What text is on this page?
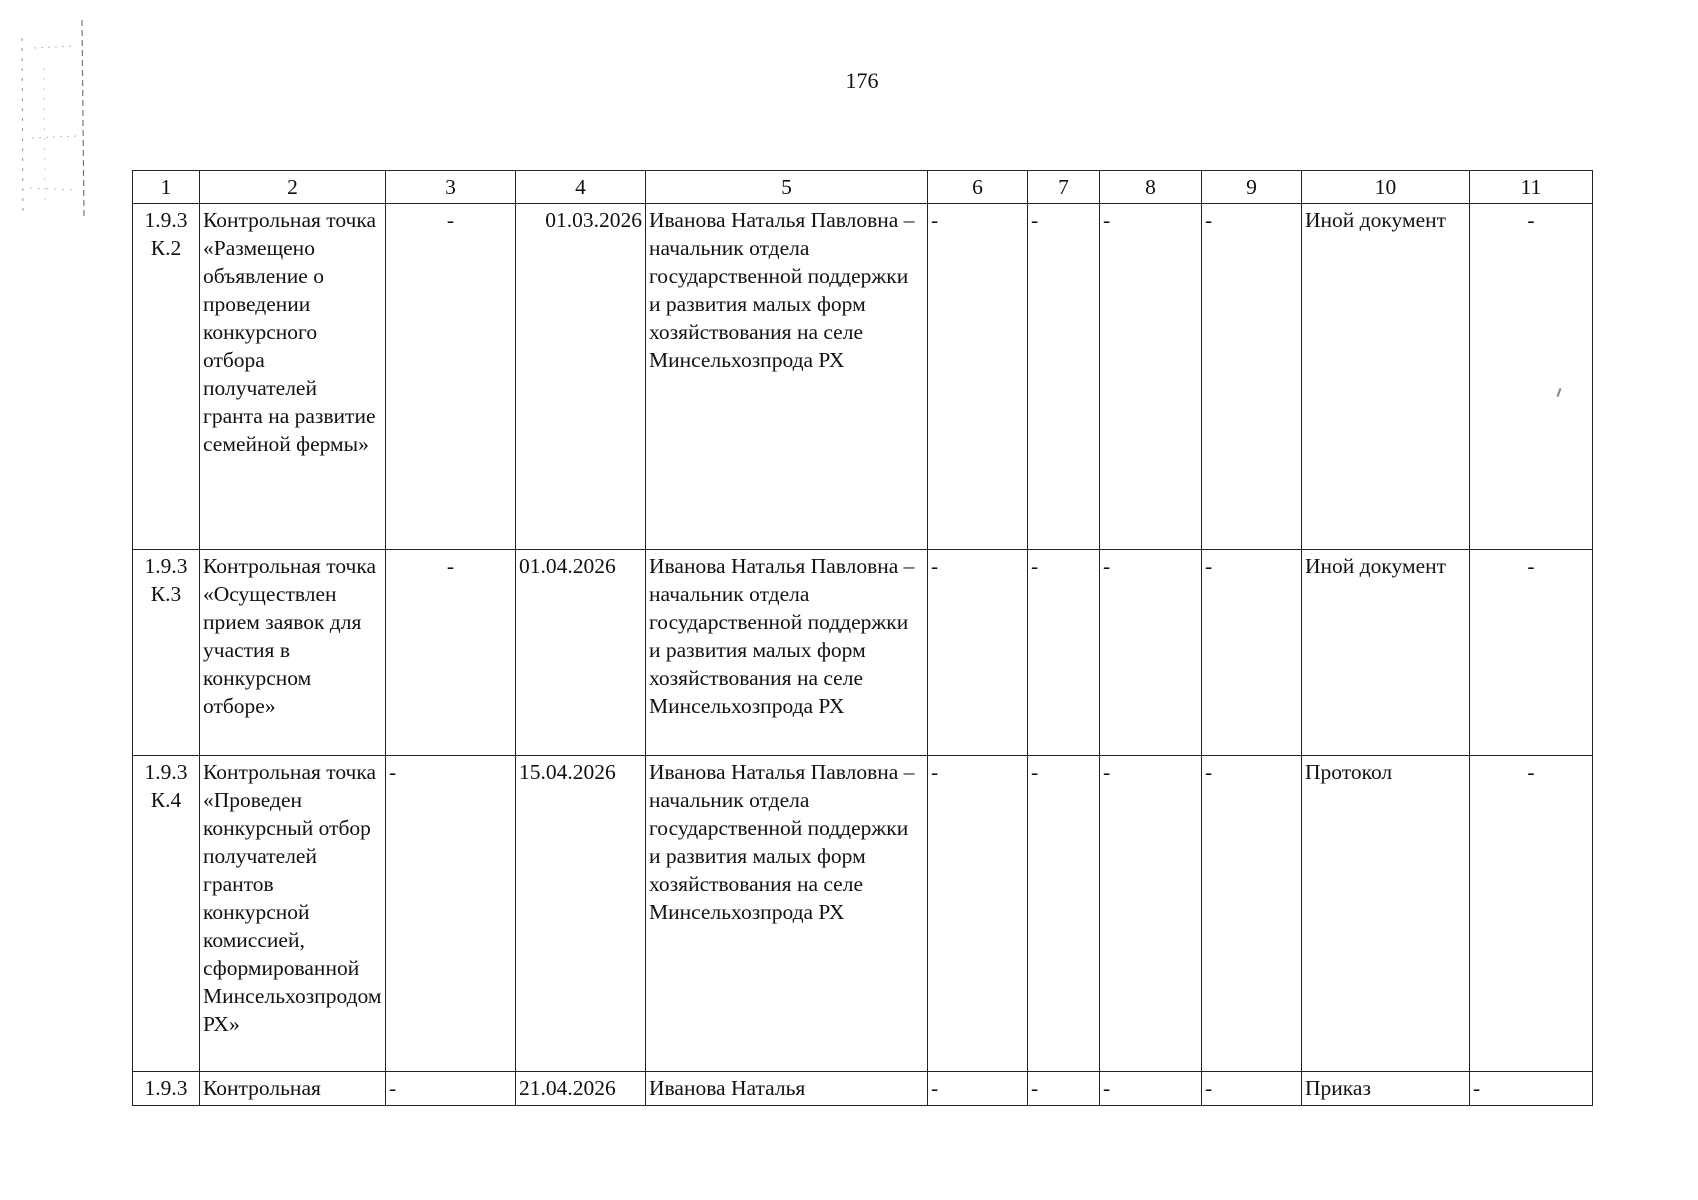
176
1	2	3	4	5	6	7	8	9	10	11
1.9.3 К.2	Контрольная точка «Размещено объявление о проведении конкурсного отбора получателей гранта на развитие семейной фермы»	-	01.03.2026	Иванова Наталья Павловна – начальник отдела государственной поддержки и развития малых форм хозяйствования на селе Минсельхозпрода РХ	-	-	-	-	Иной документ	-
1.9.3 К.3	Контрольная точка «Осуществлен прием заявок для участия в конкурсном отборе»	-	01.04.2026	Иванова Наталья Павловна – начальник отдела государственной поддержки и развития малых форм хозяйствования на селе Минсельхозпрода РХ	-	-	-	-	Иной документ	-
1.9.3 К.4	Контрольная точка «Проведен конкурсный отбор получателей грантов конкурсной комиссией, сформированной Минсельхозпродом РХ»	-	15.04.2026	Иванова Наталья Павловна – начальник отдела государственной поддержки и развития малых форм хозяйствования на селе Минсельхозпрода РХ	-	-	-	-	Протокол	-
1.9.3	Контрольная	-	21.04.2026	Иванова Наталья	-	-	-	-	Приказ	-
